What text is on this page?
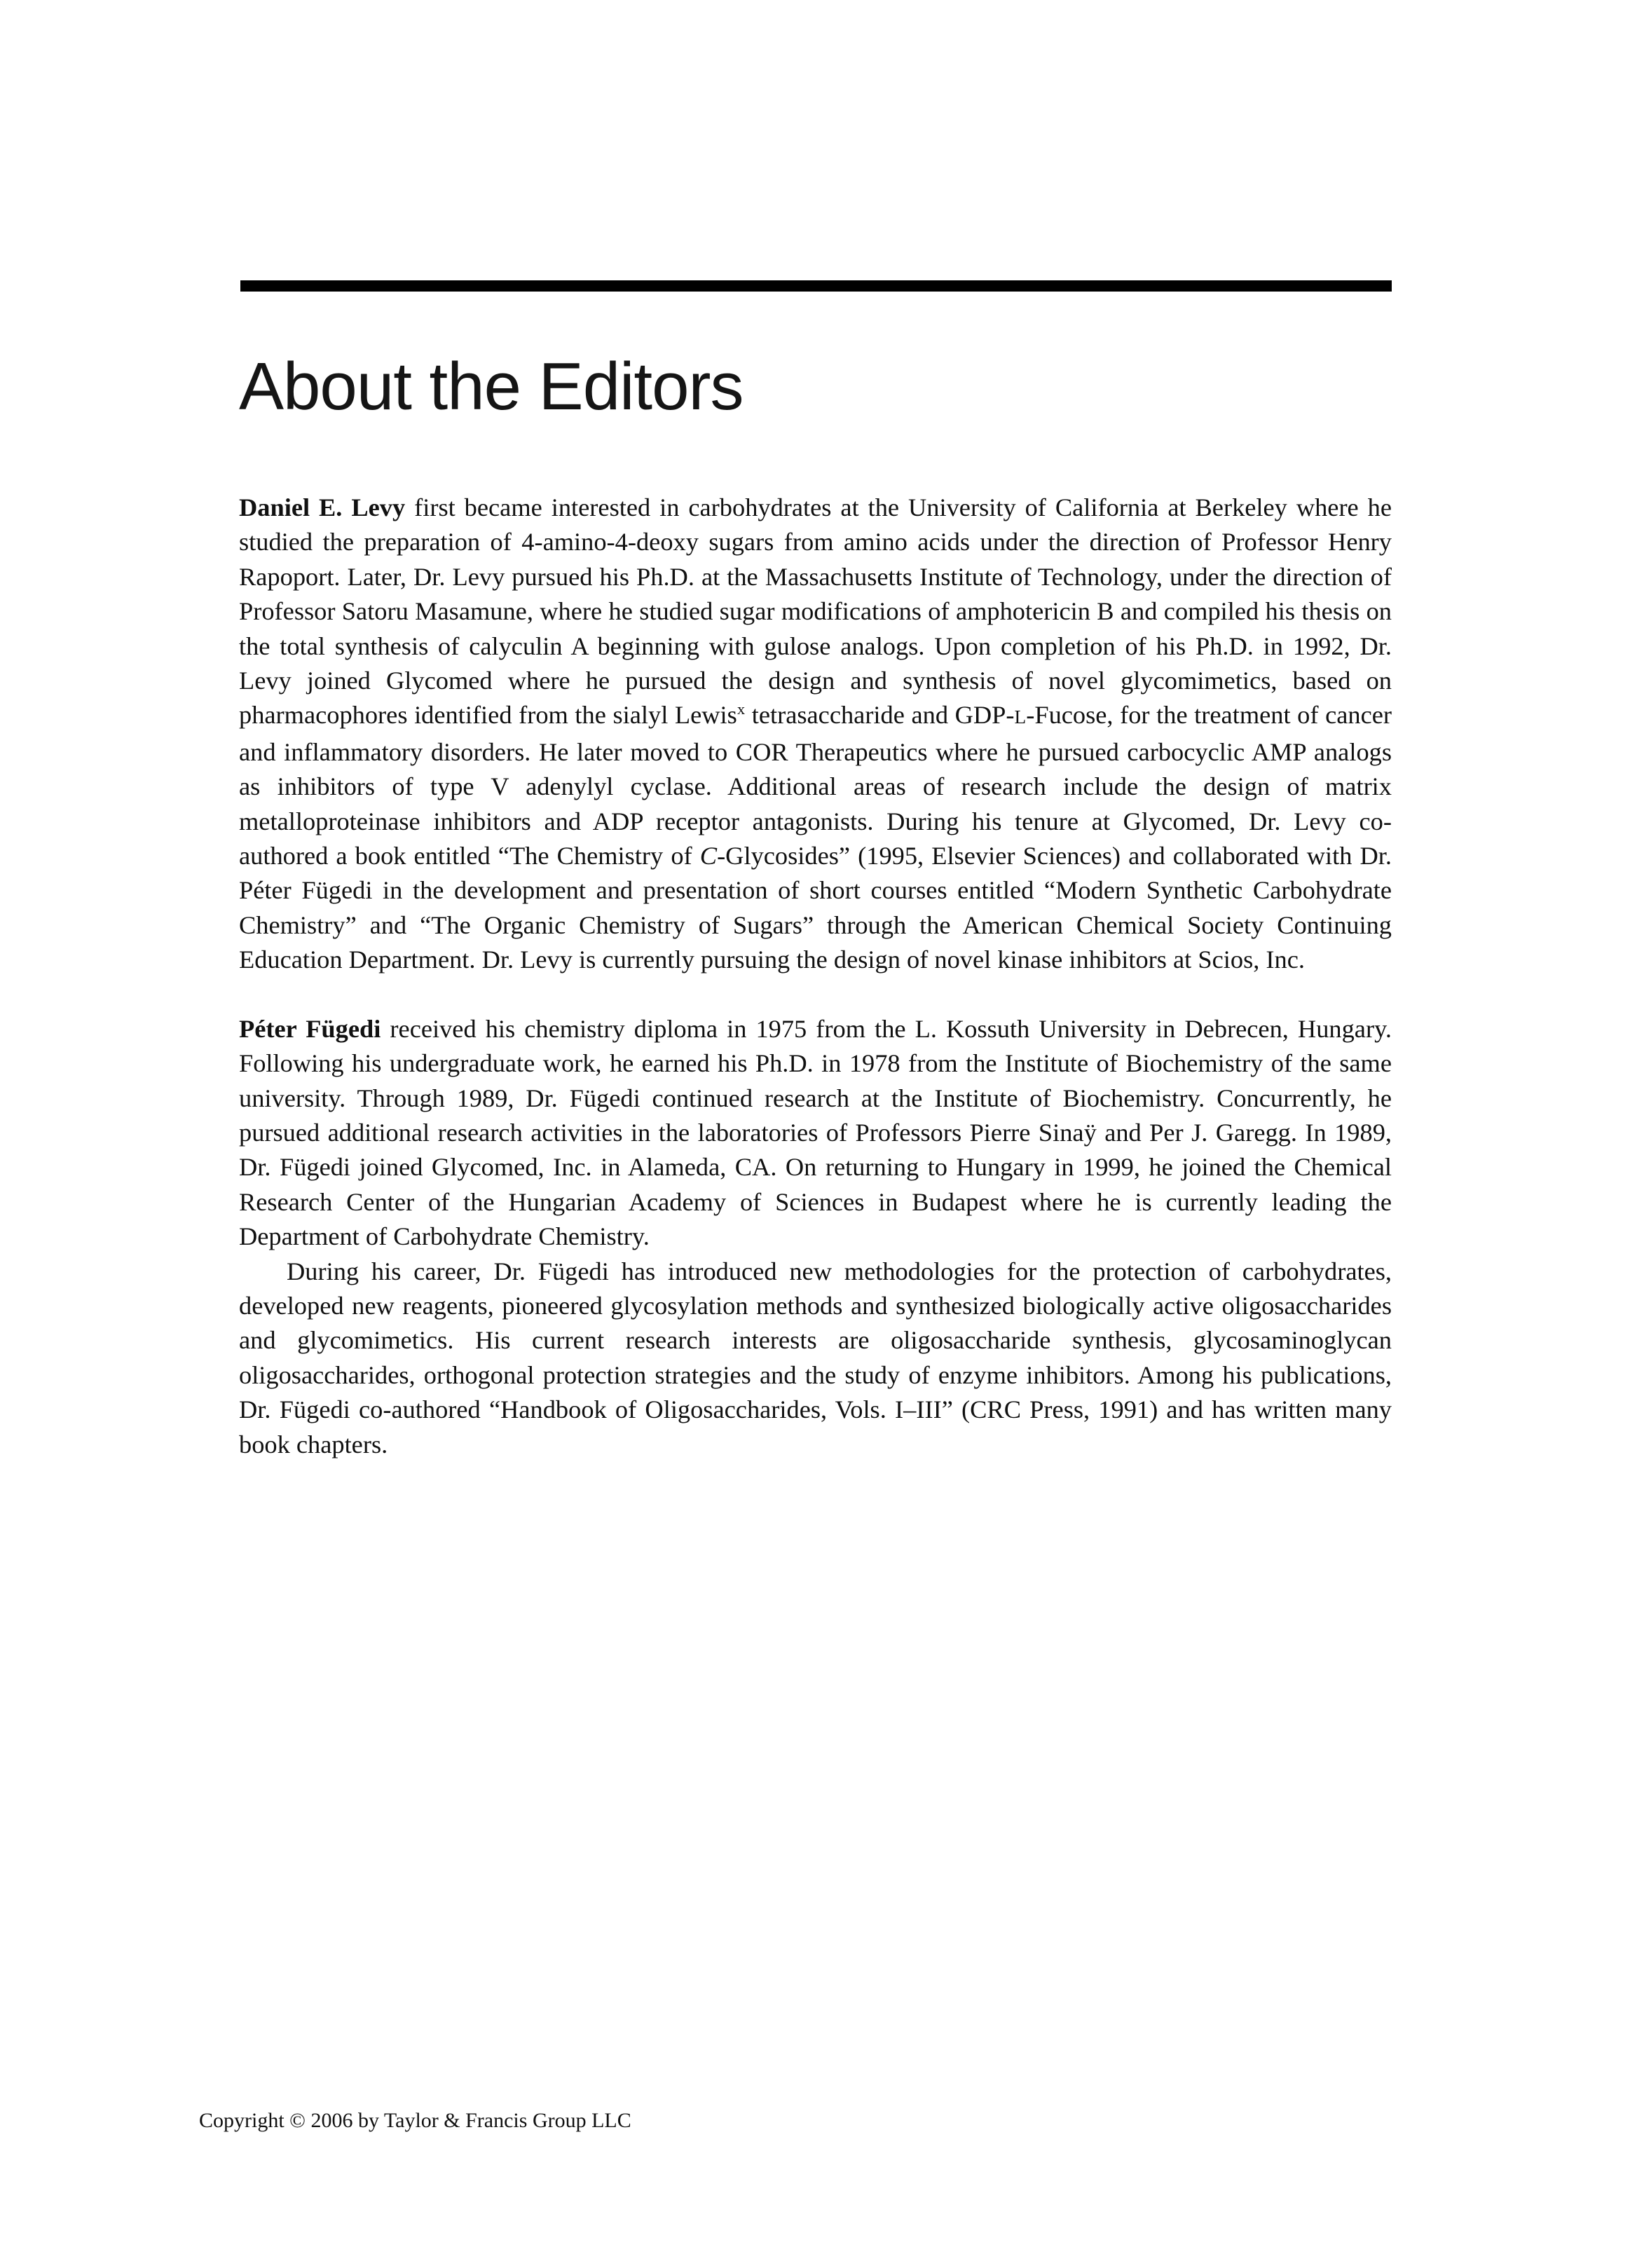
About the Editors

Daniel E. Levy first became interested in carbohydrates at the University of California at Berkeley where he studied the preparation of 4-amino-4-deoxy sugars from amino acids under the direction of Professor Henry Rapoport. Later, Dr. Levy pursued his Ph.D. at the Massachusetts Institute of Technology, under the direction of Professor Satoru Masamune, where he studied sugar modifications of amphotericin B and compiled his thesis on the total synthesis of calyculin A beginning with gulose analogs. Upon completion of his Ph.D. in 1992, Dr. Levy joined Glycomed where he pursued the design and synthesis of novel glycomimetics, based on pharmacophores identified from the sialyl Lewis$^x$ tetrasaccharide and GDP-L-Fucose, for the treatment of cancer and inflammatory disorders. He later moved to COR Therapeutics where he pursued carbocyclic AMP analogs as inhibitors of type V adenylyl cyclase. Additional areas of research include the design of matrix metalloproteinase inhibitors and ADP receptor antagonists. During his tenure at Glycomed, Dr. Levy co-authored a book entitled “The Chemistry of C-Glycosides” (1995, Elsevier Sciences) and collaborated with Dr. Péter Fügedi in the development and presentation of short courses entitled “Modern Synthetic Carbohydrate Chemistry” and “The Organic Chemistry of Sugars” through the American Chemical Society Continuing Education Department. Dr. Levy is currently pursuing the design of novel kinase inhibitors at Scios, Inc.

Péter Fügedi received his chemistry diploma in 1975 from the L. Kossuth University in Debrecen, Hungary. Following his undergraduate work, he earned his Ph.D. in 1978 from the Institute of Biochemistry of the same university. Through 1989, Dr. Fügedi continued research at the Institute of Biochemistry. Concurrently, he pursued additional research activities in the laboratories of Professors Pierre Sinaÿ and Per J. Garegg. In 1989, Dr. Fügedi joined Glycomed, Inc. in Alameda, CA. On returning to Hungary in 1999, he joined the Chemical Research Center of the Hungarian Academy of Sciences in Budapest where he is currently leading the Department of Carbohydrate Chemistry.

During his career, Dr. Fügedi has introduced new methodologies for the protection of carbohydrates, developed new reagents, pioneered glycosylation methods and synthesized biologically active oligosaccharides and glycomimetics. His current research interests are oligosaccharide synthesis, glycosaminoglycan oligosaccharides, orthogonal protection strategies and the study of enzyme inhibitors. Among his publications, Dr. Fügedi co-authored “Handbook of Oligosaccharides, Vols. I–III” (CRC Press, 1991) and has written many book chapters.

Copyright © 2006 by Taylor & Francis Group LLC
